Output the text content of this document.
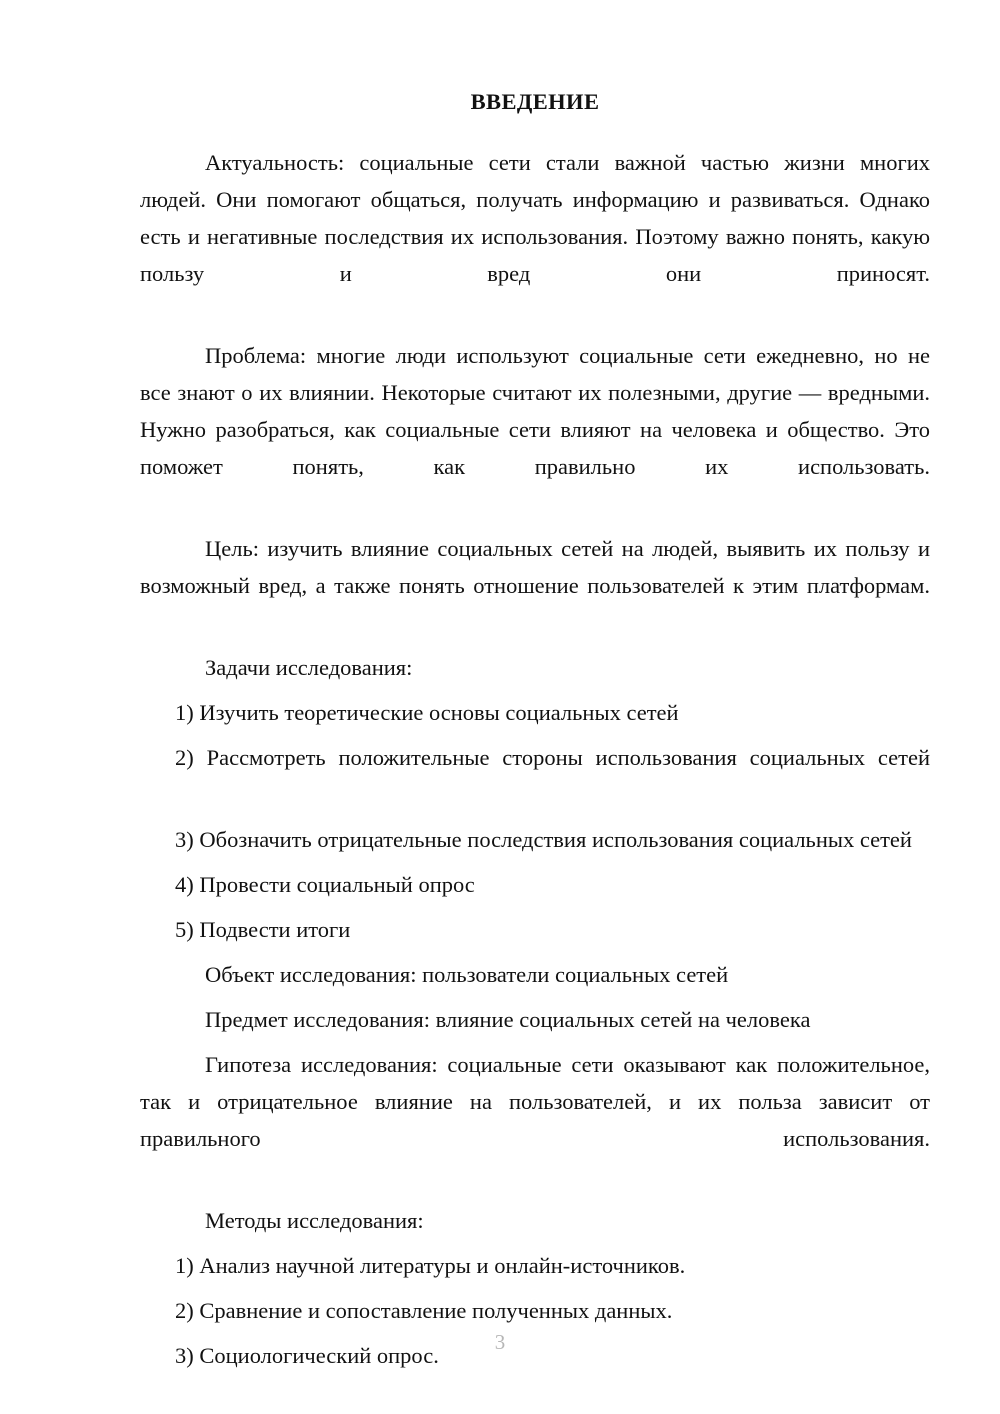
ВВЕДЕНИЕ

Актуальность: социальные сети стали важной частью жизни многих людей. Они помогают общаться, получать информацию и развиваться. Однако есть и негативные последствия их использования. Поэтому важно понять, какую пользу и вред они приносят.

Проблема: многие люди используют социальные сети ежедневно, но не все знают о их влиянии. Некоторые считают их полезными, другие — вредными. Нужно разобраться, как социальные сети влияют на человека и общество. Это поможет понять, как правильно их использовать.

Цель: изучить влияние социальных сетей на людей, выявить их пользу и возможный вред, а также понять отношение пользователей к этим платформам.

Задачи исследования:

1) Изучить теоретические основы социальных сетей

2) Рассмотреть положительные стороны использования социальных сетей

3) Обозначить отрицательные последствия использования социальных сетей

4) Провести социальный опрос

5) Подвести итоги

Объект исследования: пользователи социальных сетей

Предмет исследования: влияние социальных сетей на человека

Гипотеза исследования: социальные сети оказывают как положительное, так и отрицательное влияние на пользователей, и их польза зависит от правильного использования.

Методы исследования:

1) Анализ научной литературы и онлайн-источников.

2) Сравнение и сопоставление полученных данных.

3) Социологический опрос.

3
